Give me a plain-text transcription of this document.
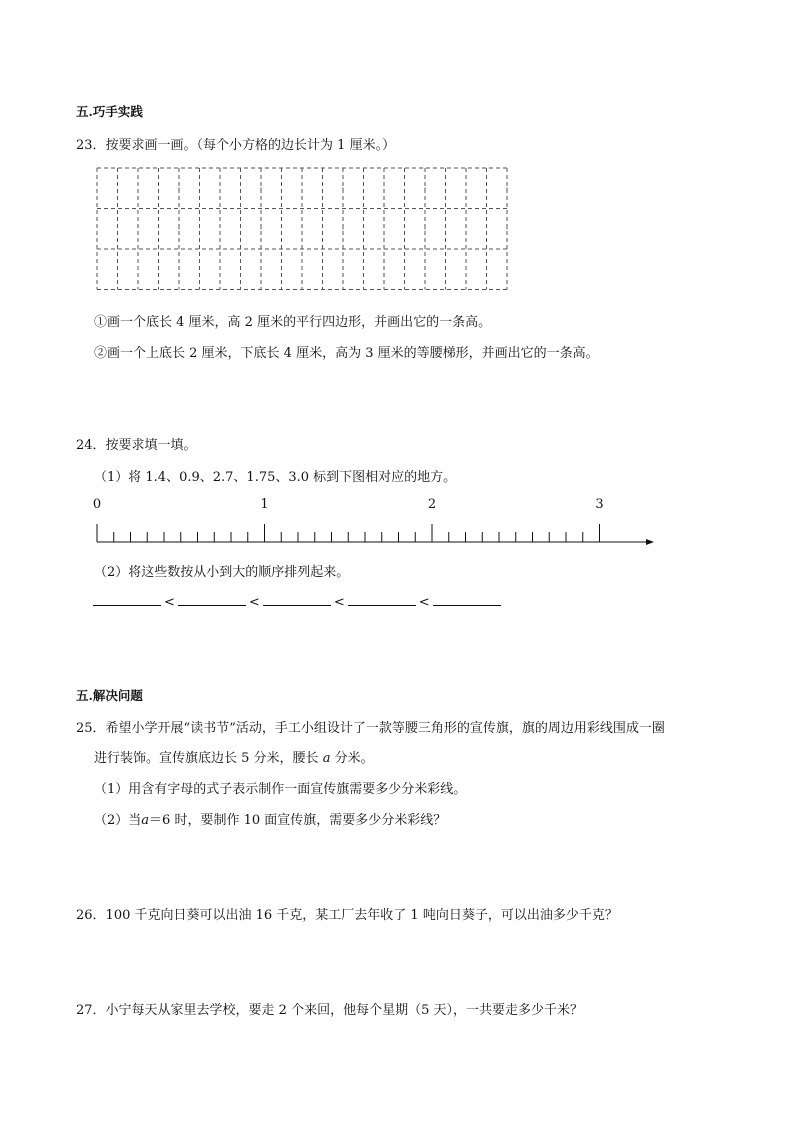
五.巧手实践
23．按要求画一画。（每个小方格的边长计为 1 厘米。）
①画一个底长 4 厘米，高 2 厘米的平行四边形，并画出它的一条高。
②画一个上底长 2 厘米，下底长 4 厘米，高为 3 厘米的等腰梯形，并画出它的一条高。
24．按要求填一填。
（1）将 1.4、0.9、2.7、1.75、3.0 标到下图相对应的地方。
0	1	2	3
（2）将这些数按从小到大的顺序排列起来。
<	<	<	<
五.解决问题
25．希望小学开展“读书节”活动，手工小组设计了一款等腰三角形的宣传旗，旗的周边用彩线围成一圈
进行装饰。宣传旗底边长 5 分米，腰长 a 分米。
（1）用含有字母的式子表示制作一面宣传旗需要多少分米彩线。
（2）当a＝6 时，要制作 10 面宣传旗，需要多少分米彩线？
26．100 千克向日葵可以出油 16 千克，某工厂去年收了 1 吨向日葵子，可以出油多少千克？
27．小宁每天从家里去学校，要走 2 个来回，他每个星期（5 天），一共要走多少千米？
